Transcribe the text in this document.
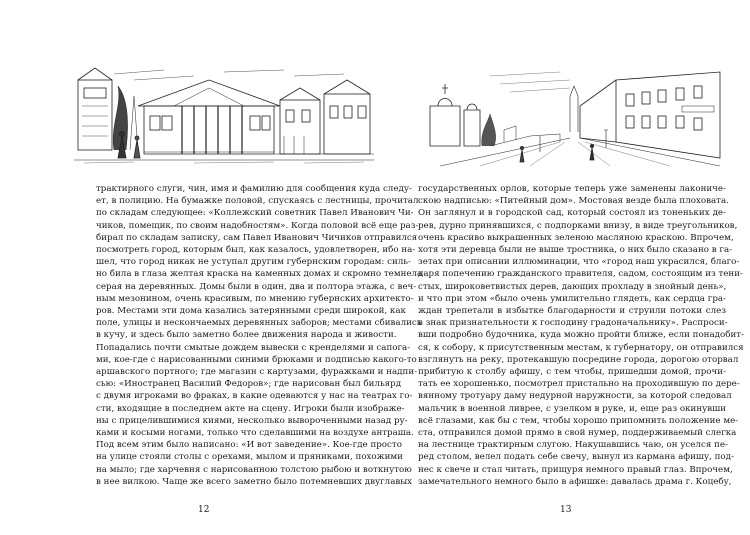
трактирного слуги, чин, имя и фамилию для сообщения куда следу-
ет, в полицию. На бумажке половой, спускаясь с лестницы, прочитал
по складам следующее: «Коллежский советник Павел Иванович Чи-
чиков, помещик, по своим надобностям». Когда половой всё еще раз-
бирал по складам записку, сам Павел Иванович Чичиков отправился
посмотреть город, которым был, как казалось, удовлетворен, ибо на-
шел, что город никак не уступал другим губернским городам: силь-
но била в глаза желтая краска на каменных домах и скромно темнела
серая на деревянных. Домы были в один, два и полтора этажа, с веч-
ным мезонином, очень красивым, по мнению губернских архитекто-
ров. Местами эти дома казались затерянными среди широкой, как
поле, улицы и нескончаемых деревянных заборов; местами сбивались
в кучу, и здесь было заметно более движения народа и живости.
Попадались почти смытые дождем вывески с кренделями и сапога-
ми, кое-где с нарисованными синими брюками и подписью какого-то
аршавского портного; где магазин с картузами, фуражками и надпи-
сью: «Иностранец Василий Федоров»; где нарисован был бильярд
с двумя игроками во фраках, в какие одеваются у нас на театрах го-
сти, входящие в последнем акте на сцену. Игроки были изображе-
ны с прицелившимися киями, несколько вывороченными назад ру-
ками и косыми ногами, только что сделавшими на воздухе антраша.
Под всем этим было написано: «И вот заведение». Кое-где просто
на улице стояли столы с орехами, мылом и пряниками, похожими
на мыло; где харчевня с нарисованною толстою рыбою и воткнутою
в нее вилкою. Чаще же всего заметно было потемневших двуглавых
12
государственных орлов, которые теперь уже заменены лакониче-
скою надписью: «Питейный дом». Мостовая везде была плоховата.
Он заглянул и в городской сад, который состоял из тоненьких де-
рев, дурно принявшихся, с подпорками внизу, в виде треугольников,
очень красиво выкрашенных зеленою масляною краскою. Впрочем,
хотя эти деревца были не выше тростника, о них было сказано в га-
зетах при описании иллюминации, что «город наш украсился, благо-
даря попечению гражданского правителя, садом, состоящим из тени-
стых, широковетвистых дерев, дающих прохладу в знойный день»,
и что при этом «было очень умилительно глядеть, как сердца гра-
ждан трепетали в избытке благодарности и струили потоки слез
в знак признательности к господину градоначальнику». Распроси-
вши подробно будочника, куда можно пройти ближе, если понадобит-
ся, к собору, к присутственным местам, к губернатору, он отправился
взглянуть на реку, протекавшую посредине города, дорогою оторвал
прибитую к столбу афишу, с тем чтобы, пришедши домой, прочи-
тать ее хорошенько, посмотрел пристально на проходившую по дере-
вянному тротуару даму недурной наружности, за которой следовал
мальчик в военной ливрее, с узелком в руке, и, еще раз окинувши
всё глазами, как бы с тем, чтобы хорошо припомнить положение ме-
ста, отправился домой прямо в свой нумер, поддерживаемый слегка
на лестнице трактирным слугою. Накушавшись чаю, он уселся пе-
ред столом, велел подать себе свечу, вынул из кармана афишу, под-
нес к свече и стал читать, прищуря немного правый глаз. Впрочем,
замечательного немного было в афишке: давалась драма г. Коцебу,
13
